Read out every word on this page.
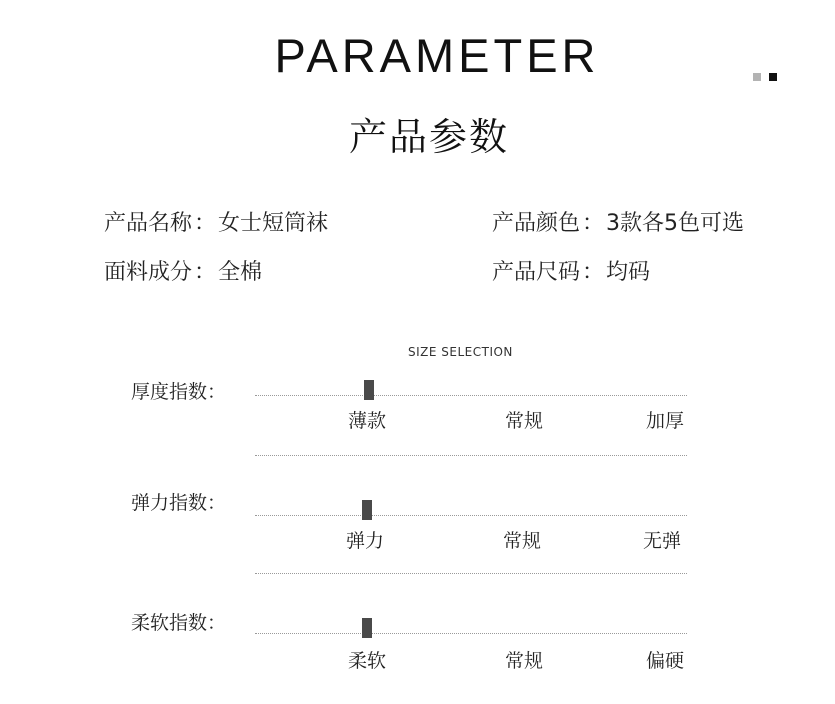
PARAMETER
产品参数
产品名称：女士短筒袜	产品颜色：3款各5色可选
面料成分：全棉	产品尺码：均码
SIZE SELECTION
厚度指数：
薄款	常规	加厚
弹力指数：
弹力	常规	无弹
柔软指数：
柔软	常规	偏硬
